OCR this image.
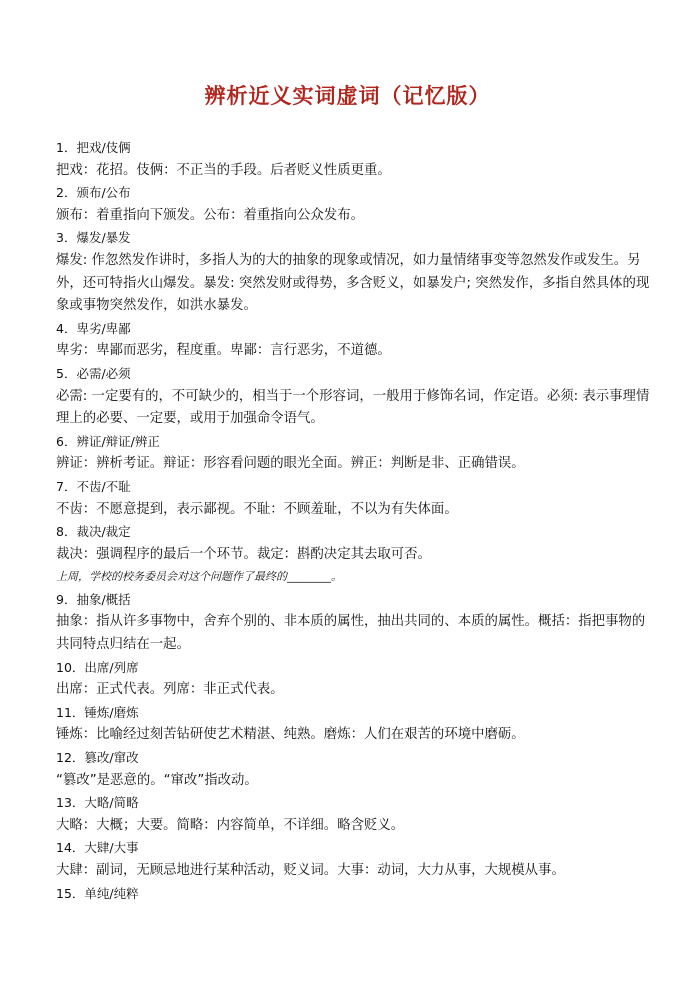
辨析近义实词虚词（记忆版）
1．把戏/伎俩
把戏：花招。伎俩：不正当的手段。后者贬义性质更重。
2．颁布/公布
颁布：着重指向下颁发。公布：着重指向公众发布。
3．爆发/暴发
爆发: 作忽然发作讲时，多指人为的大的抽象的现象或情况，如力量情绪事变等忽然发作或发生。另外，还可特指火山爆发。暴发: 突然发财或得势，多含贬义，如暴发户; 突然发作，多指自然具体的现象或事物突然发作，如洪水暴发。
4．卑劣/卑鄙
卑劣：卑鄙而恶劣，程度重。卑鄙：言行恶劣，不道德。
5．必需/必须
必需: 一定要有的，不可缺少的，相当于一个形容词，一般用于修饰名词，作定语。必须: 表示事理情理上的必要、一定要，或用于加强命令语气。
6．辨证/辩证/辨正
辨证：辨析考证。辩证：形容看问题的眼光全面。辨正：判断是非、正确错误。
7．不齿/不耻
不齿：不愿意提到，表示鄙视。不耻：不顾羞耻，不以为有失体面。
8．裁决/裁定
裁决：强调程序的最后一个环节。裁定：斟酌决定其去取可否。
上周，学校的校务委员会对这个问题作了最终的________。
9．抽象/概括
抽象：指从许多事物中，舍弃个别的、非本质的属性，抽出共同的、本质的属性。概括：指把事物的共同特点归结在一起。
10．出席/列席
出席：正式代表。列席：非正式代表。
11．锤炼/磨炼
锤炼：比喻经过刻苦钻研使艺术精湛、纯熟。磨炼：人们在艰苦的环境中磨砺。
12．篡改/窜改
“篡改”是恶意的。“窜改”指改动。
13．大略/简略
大略：大概；大要。简略：内容简单，不详细。略含贬义。
14．大肆/大事
大肆：副词，无顾忌地进行某种活动，贬义词。大事：动词，大力从事，大规模从事。
15．单纯/纯粹
